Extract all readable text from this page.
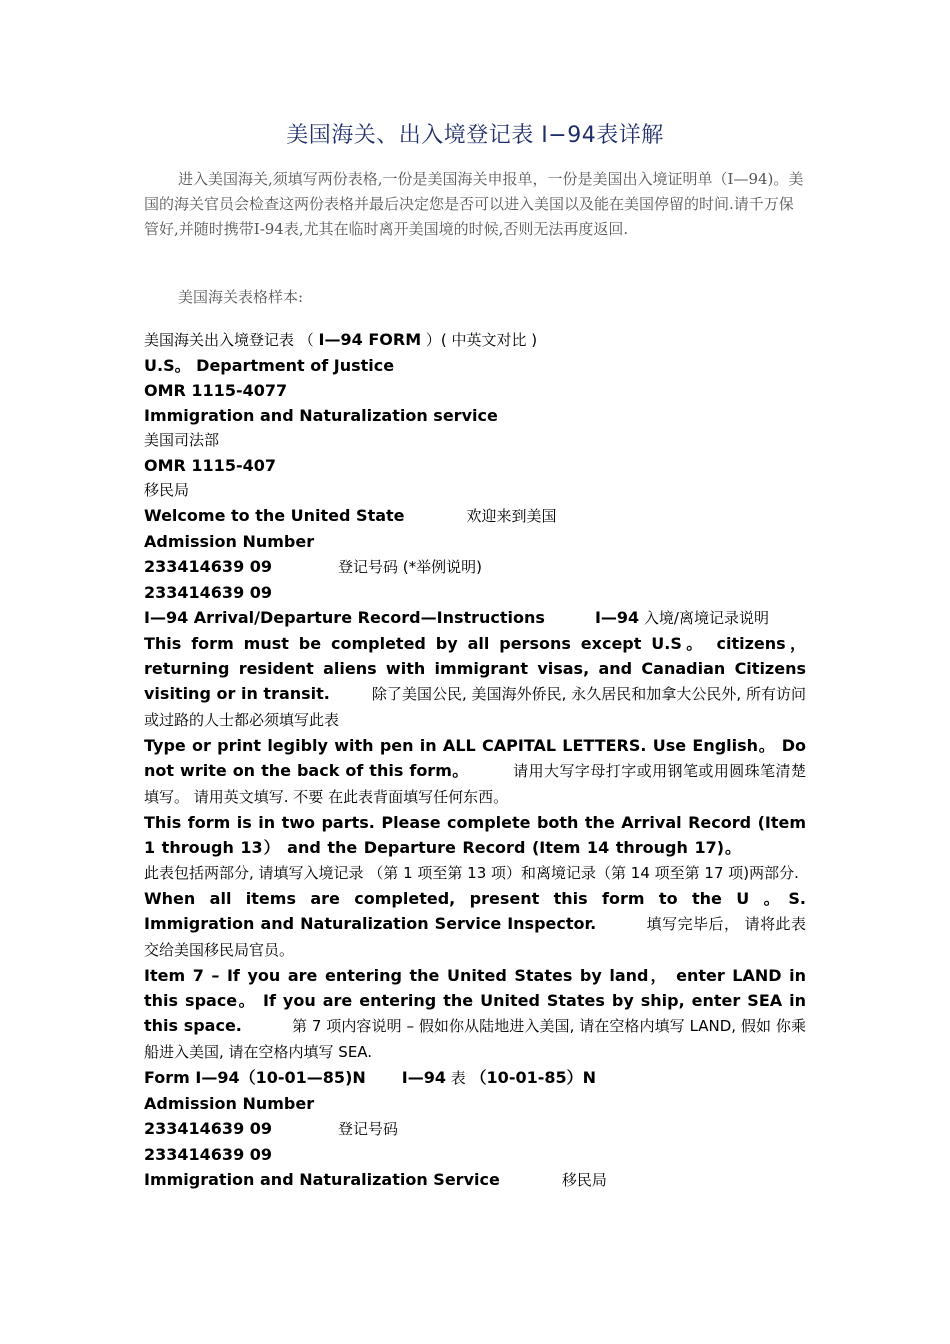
美国海关、出入境登记表 I−94表详解

进入美国海关,须填写两份表格,一份是美国海关申报单，一份是美国出入境证明单（I—94)。美国的海关官员会检查这两份表格并最后决定您是否可以进入美国以及能在美国停留的时间.请千万保管好,并随时携带I-94表,尤其在临时离开美国境的时候,否则无法再度返回.

美国海关表格样本:

美国海关出入境登记表 （ I—94 FORM ）( 中英文对比 )
U.S。 Department of Justice
OMR 1115-4077
Immigration and Naturalization service
美国司法部
OMR 1115-407
移民局
Welcome to the United State	欢迎来到美国
Admission Number
233414639 09	登记号码 (*举例说明)
233414639 09
I—94 Arrival/Departure Record—Instructions	I—94 入境/离境记录说明
This form must be completed by all persons except U.S。 citizens，returning resident aliens with immigrant visas, and Canadian Citizens visiting or in transit.	除了美国公民, 美国海外侨民, 永久居民和加拿大公民外, 所有访问 或过路的人士都必须填写此表
Type or print legibly with pen in ALL CAPITAL LETTERS. Use English。 Do not write on the back of this form。	请用大写字母打字或用钢笔或用圆珠笔清楚填写。 请用英文填写. 不要 在此表背面填写任何东西。
This form is in two parts. Please complete both the Arrival Record (Item 1 through 13） and the Departure Record (Item 14 through 17)。此表包括两部分, 请填写入境记录 （第 1 项至第 13 项）和离境记录（第 14 项至第 17 项)两部分.
When all items are completed, present this form to the U 。S. Immigration and Naturalization Service Inspector.	填写完毕后， 请将此表交给美国移民局官员。
Item 7 – If you are entering the United States by land， enter LAND in this space。 If you are entering the United States by ship, enter SEA in this space.	第 7 项内容说明 – 假如你从陆地进入美国, 请在空格内填写 LAND, 假如 你乘船进入美国, 请在空格内填写 SEA.
Form I—94（10-01—85)N I—94 表 （10-01-85）N
Admission Number
233414639 09	登记号码
233414639 09
Immigration and Naturalization Service	移民局
